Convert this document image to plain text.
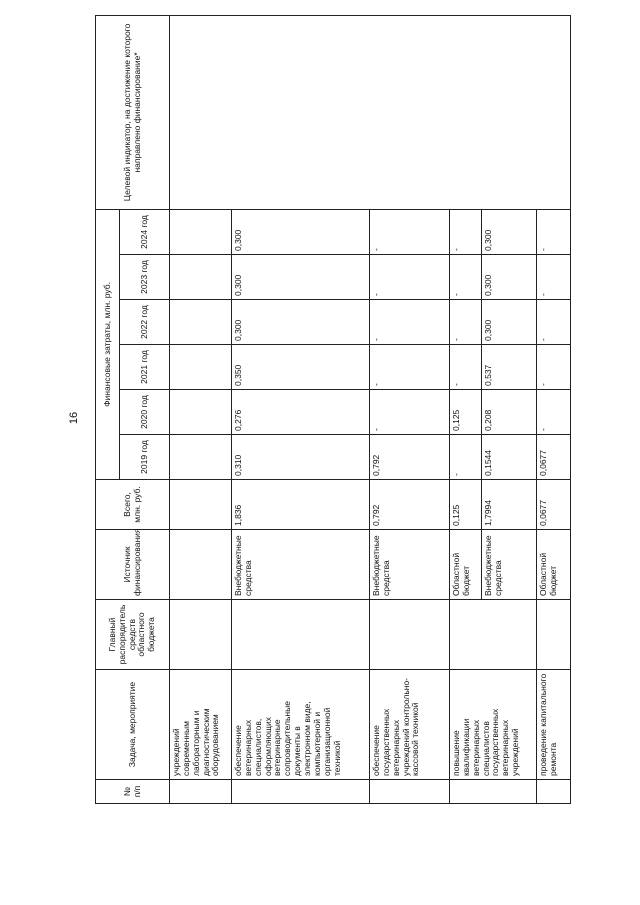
16
№ п/п	Задача, мероприятие	Главный распорядитель средств областного бюджета	Источник финансирования	Всего, млн. руб.	Финансовые затраты, млн. руб.						Целевой индикатор, на достижение которого направлено финансирование*
					2019 год	2020 год	2021 год	2022 год	2023 год	2024 год	
	учреждений современным лабораторным и диагностическим оборудованием										
	обеспечение ветеринарных специалистов, оформляющих ветеринарные сопроводительные документы в электронном виде, компьютерной и организационной техникой		Внебюджетные средства	1,836	0,310	0,276	0,350	0,300	0,300	0,300	
	обеспечение государственных ветеринарных учреждений контрольно-кассовой техникой		Внебюджетные средства	0,792	0,792	-	-	-	-	-	
	повышение квалификации ветеринарных специалистов государственных ветеринарных учреждений		Областной бюджет	0,125	-	0,125	-	-	-	-	
			Внебюджетные средства	1,7994	0,1544	0,208	0,537	0,300	0,300	0,300	
	проведение капитального ремонта		Областной бюджет	0,0677	0,0677	-	-	-	-	-	
